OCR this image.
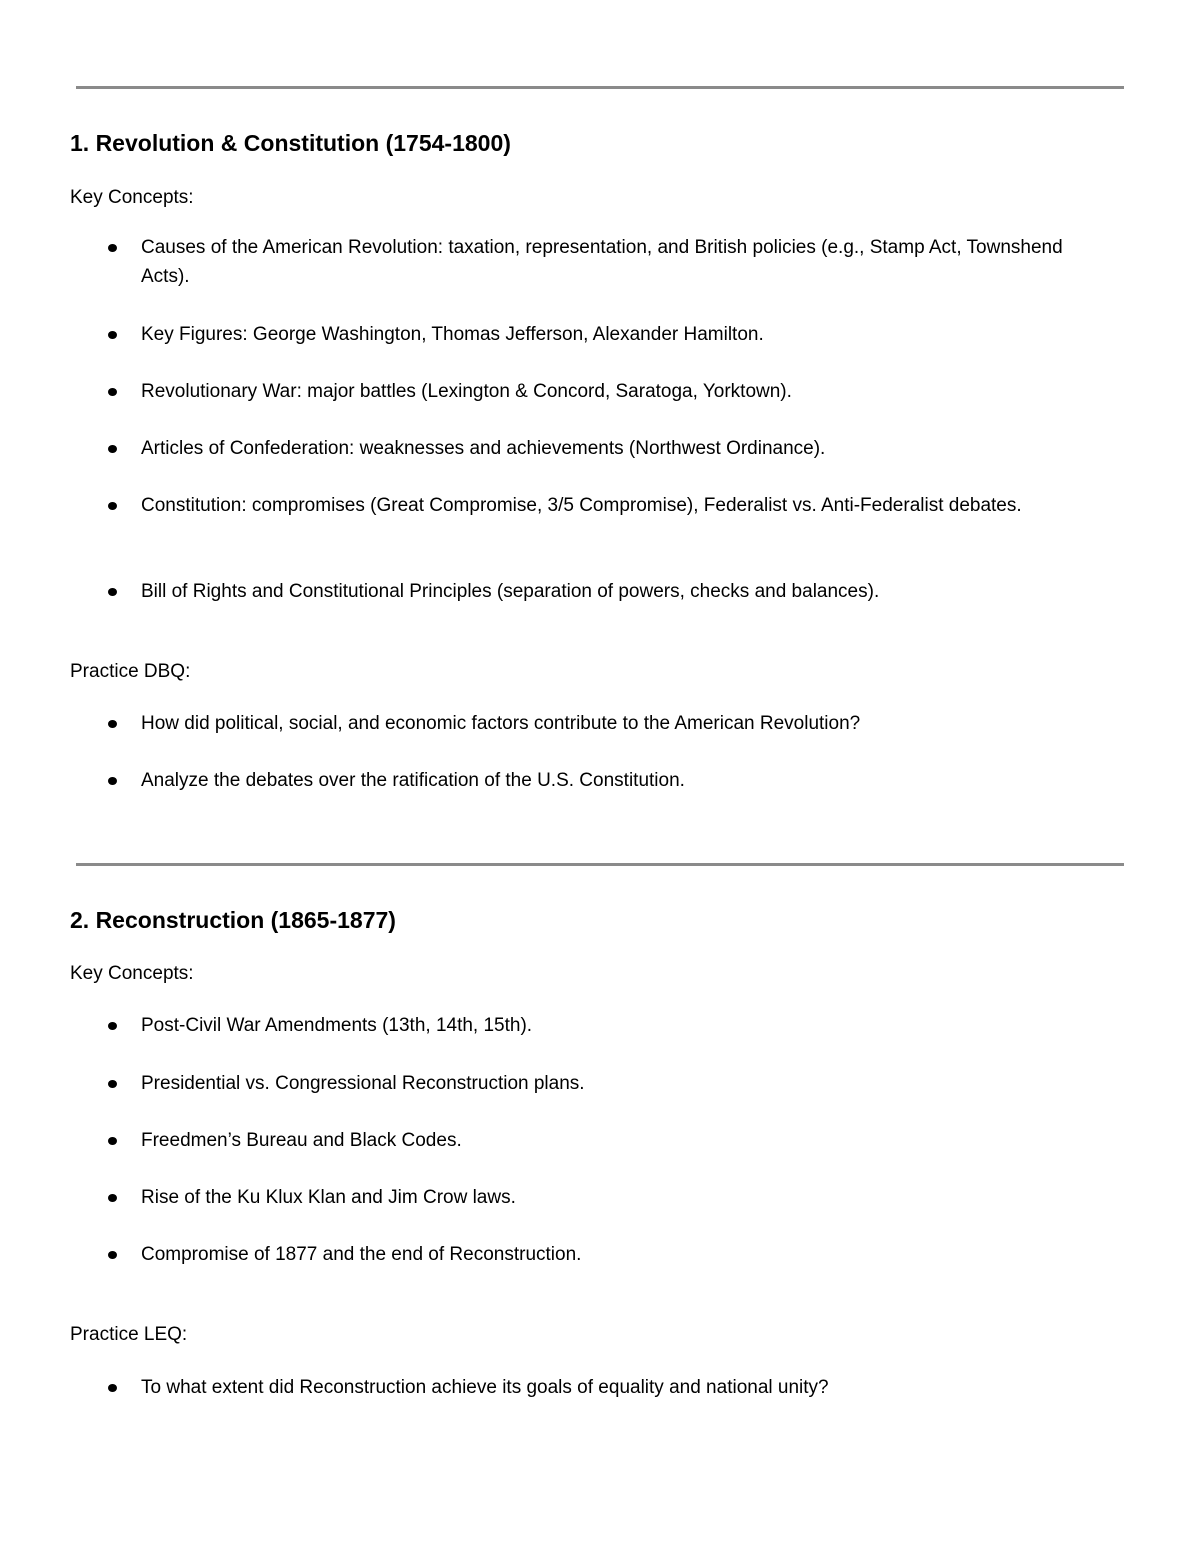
1. Revolution & Constitution (1754-1800)

Key Concepts:

Causes of the American Revolution: taxation, representation, and British policies (e.g., Stamp Act, Townshend Acts).
Key Figures: George Washington, Thomas Jefferson, Alexander Hamilton.
Revolutionary War: major battles (Lexington & Concord, Saratoga, Yorktown).
Articles of Confederation: weaknesses and achievements (Northwest Ordinance).
Constitution: compromises (Great Compromise, 3/5 Compromise), Federalist vs. Anti-Federalist debates.
Bill of Rights and Constitutional Principles (separation of powers, checks and balances).

Practice DBQ:

How did political, social, and economic factors contribute to the American Revolution?
Analyze the debates over the ratification of the U.S. Constitution.
2. Reconstruction (1865-1877)

Key Concepts:

Post-Civil War Amendments (13th, 14th, 15th).
Presidential vs. Congressional Reconstruction plans.
Freedmen’s Bureau and Black Codes.
Rise of the Ku Klux Klan and Jim Crow laws.
Compromise of 1877 and the end of Reconstruction.

Practice LEQ:

To what extent did Reconstruction achieve its goals of equality and national unity?
